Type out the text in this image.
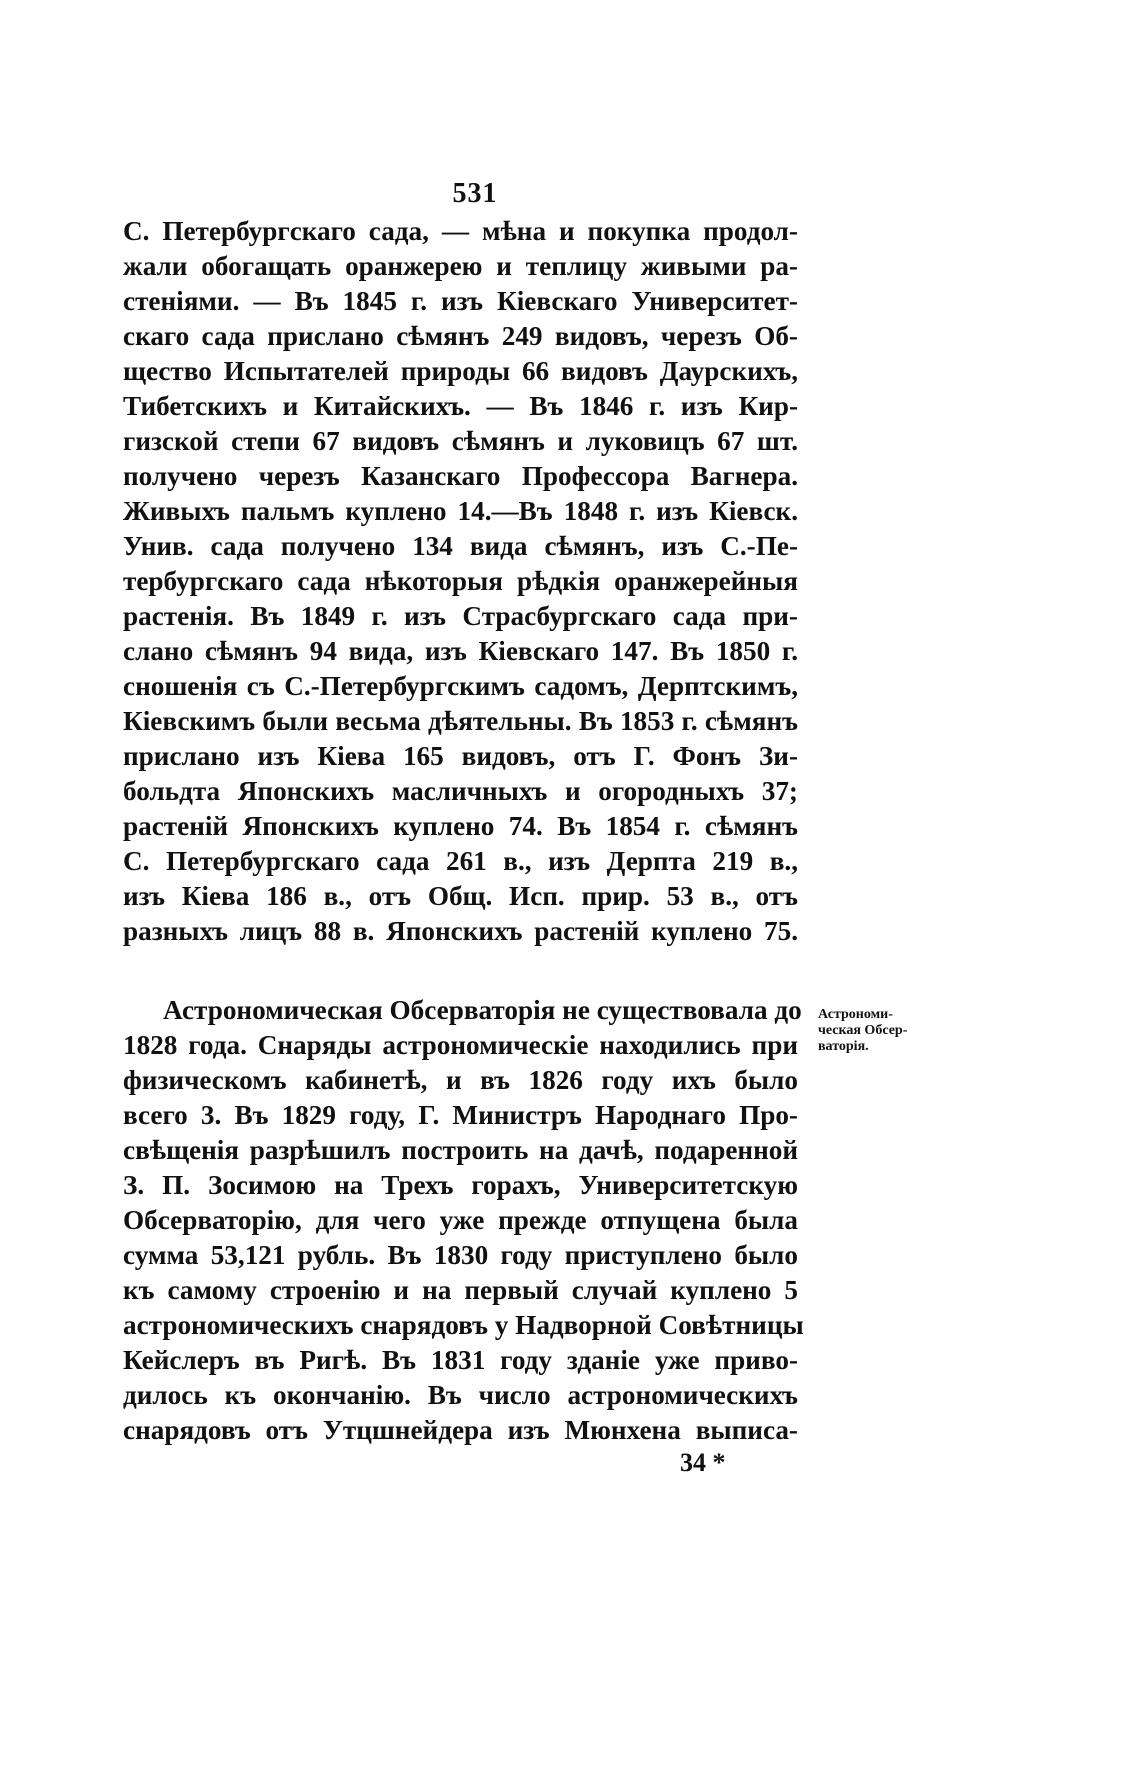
531
С. Петербургскаго сада, — мѣна и покупка продол-
жали обогащать оранжерею и теплицу живыми ра-
стеніями. — Въ 1845 г. изъ Кіевскаго Университет-
скаго сада прислано сѣмянъ 249 видовъ, черезъ Об-
щество Испытателей природы 66 видовъ Даурскихъ,
Тибетскихъ и Китайскихъ. — Въ 1846 г. изъ Кир-
гизской степи 67 видовъ сѣмянъ и луковицъ 67 шт.
получено черезъ Казанскаго Профессора Вагнера.
Живыхъ пальмъ куплено 14.—Въ 1848 г. изъ Кіевск.
Унив. сада получено 134 вида сѣмянъ, изъ С.-Пе-
тербургскаго сада нѣкоторыя рѣдкія оранжерейныя
растенія. Въ 1849 г. изъ Страсбургскаго сада при-
слано сѣмянъ 94 вида, изъ Кіевскаго 147. Въ 1850 г.
сношенія съ С.-Петербургскимъ садомъ, Дерптскимъ,
Кіевскимъ были весьма дѣятельны. Въ 1853 г. сѣмянъ
прислано изъ Кіева 165 видовъ, отъ Г. Фонъ Зи-
больдта Японскихъ масличныхъ и огородныхъ 37;
растеній Японскихъ куплено 74. Въ 1854 г. сѣмянъ
С. Петербургскаго сада 261 в., изъ Дерпта 219 в.,
изъ Кіева 186 в., отъ Общ. Исп. прир. 53 в., отъ
разныхъ лицъ 88 в. Японскихъ растеній куплено 75.
Астрономическая Обсерваторія не существовала до
1828 года. Снаряды астрономическіе находились при
физическомъ кабинетѣ, и въ 1826 году ихъ было
всего 3. Въ 1829 году, Г. Министръ Народнаго Про-
свѣщенія разрѣшилъ построить на дачѣ, подаренной
З. П. Зосимою на Трехъ горахъ, Университетскую
Обсерваторію, для чего уже прежде отпущена была
сумма 53,121 рубль. Въ 1830 году приступлено было
къ самому строенію и на первый случай куплено 5
астрономическихъ снарядовъ у Надворной Совѣтницы
Кейслеръ въ Ригѣ. Въ 1831 году зданіе уже приво-
дилось къ окончанію. Въ число астрономическихъ
снарядовъ отъ Утцшнейдера изъ Мюнхена выписа-
Астрономи-
ческая Обсер-
ваторія.
34 *
